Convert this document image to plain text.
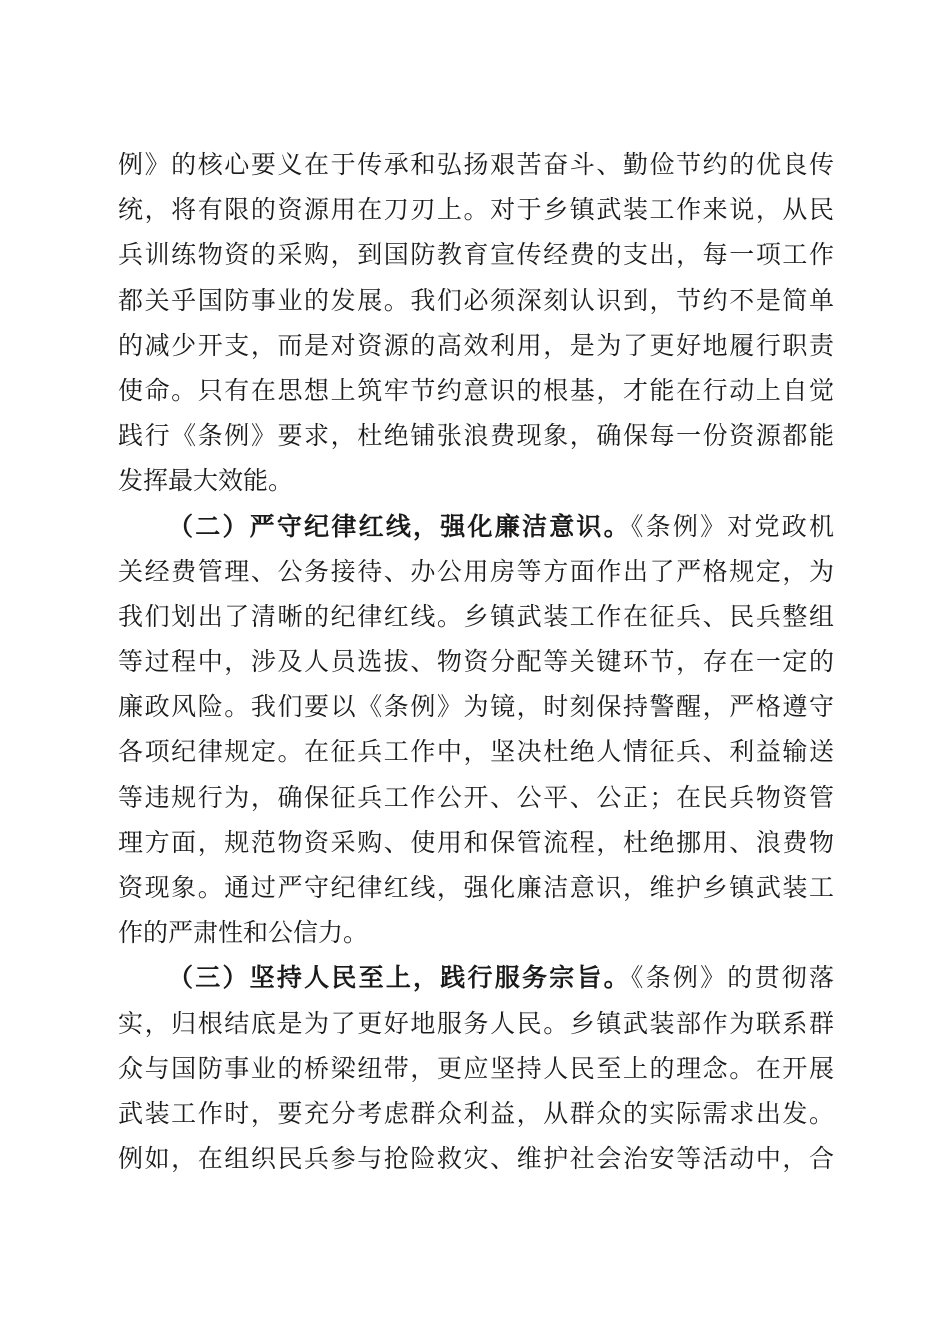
例》的核心要义在于传承和弘扬艰苦奋斗、勤俭节约的优良传
统，将有限的资源用在刀刃上。对于乡镇武装工作来说，从民
兵训练物资的采购，到国防教育宣传经费的支出，每一项工作
都关乎国防事业的发展。我们必须深刻认识到，节约不是简单
的减少开支，而是对资源的高效利用，是为了更好地履行职责
使命。只有在思想上筑牢节约意识的根基，才能在行动上自觉
践行《条例》要求，杜绝铺张浪费现象，确保每一份资源都能
发挥最大效能。
（二）严守纪律红线，强化廉洁意识。《条例》对党政机
关经费管理、公务接待、办公用房等方面作出了严格规定，为
我们划出了清晰的纪律红线。乡镇武装工作在征兵、民兵整组
等过程中，涉及人员选拔、物资分配等关键环节，存在一定的
廉政风险。我们要以《条例》为镜，时刻保持警醒，严格遵守
各项纪律规定。在征兵工作中，坚决杜绝人情征兵、利益输送
等违规行为，确保征兵工作公开、公平、公正；在民兵物资管
理方面，规范物资采购、使用和保管流程，杜绝挪用、浪费物
资现象。通过严守纪律红线，强化廉洁意识，维护乡镇武装工
作的严肃性和公信力。
（三）坚持人民至上，践行服务宗旨。《条例》的贯彻落
实，归根结底是为了更好地服务人民。乡镇武装部作为联系群
众与国防事业的桥梁纽带，更应坚持人民至上的理念。在开展
武装工作时，要充分考虑群众利益，从群众的实际需求出发。
例如，在组织民兵参与抢险救灾、维护社会治安等活动中，合
